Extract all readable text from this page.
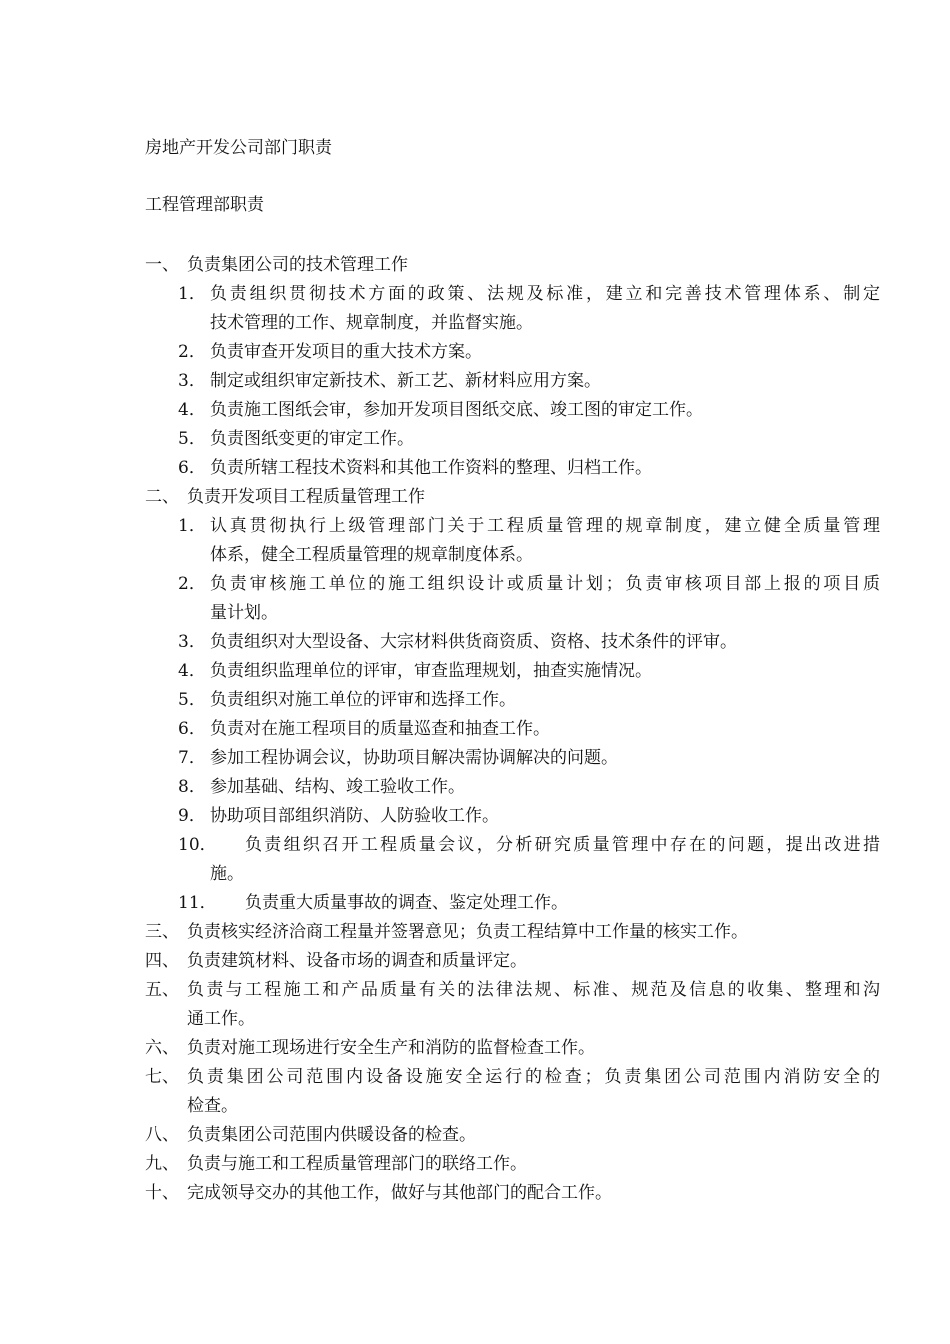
房地产开发公司部门职责
工程管理部职责
一、 负责集团公司的技术管理工作
1． 负责组织贯彻技术方面的政策、法规及标准，建立和完善技术管理体系、制定
技术管理的工作、规章制度，并监督实施。
2． 负责审查开发项目的重大技术方案。
3． 制定或组织审定新技术、新工艺、新材料应用方案。
4． 负责施工图纸会审，参加开发项目图纸交底、竣工图的审定工作。
5． 负责图纸变更的审定工作。
6． 负责所辖工程技术资料和其他工作资料的整理、归档工作。
二、 负责开发项目工程质量管理工作
1． 认真贯彻执行上级管理部门关于工程质量管理的规章制度，建立健全质量管理
体系，健全工程质量管理的规章制度体系。
2． 负责审核施工单位的施工组织设计或质量计划；负责审核项目部上报的项目质
量计划。
3． 负责组织对大型设备、大宗材料供货商资质、资格、技术条件的评审。
4． 负责组织监理单位的评审，审查监理规划，抽查实施情况。
5． 负责组织对施工单位的评审和选择工作。
6． 负责对在施工程项目的质量巡查和抽查工作。
7． 参加工程协调会议，协助项目解决需协调解决的问题。
8． 参加基础、结构、竣工验收工作。
9． 协助项目部组织消防、人防验收工作。
10． 负责组织召开工程质量会议，分析研究质量管理中存在的问题，提出改进措
施。
11． 负责重大质量事故的调查、鉴定处理工作。
三、 负责核实经济洽商工程量并签署意见；负责工程结算中工作量的核实工作。
四、 负责建筑材料、设备市场的调查和质量评定。
五、 负责与工程施工和产品质量有关的法律法规、标准、规范及信息的收集、整理和沟
通工作。
六、 负责对施工现场进行安全生产和消防的监督检查工作。
七、 负责集团公司范围内设备设施安全运行的检查；负责集团公司范围内消防安全的
检查。
八、 负责集团公司范围内供暖设备的检查。
九、 负责与施工和工程质量管理部门的联络工作。
十、 完成领导交办的其他工作，做好与其他部门的配合工作。
